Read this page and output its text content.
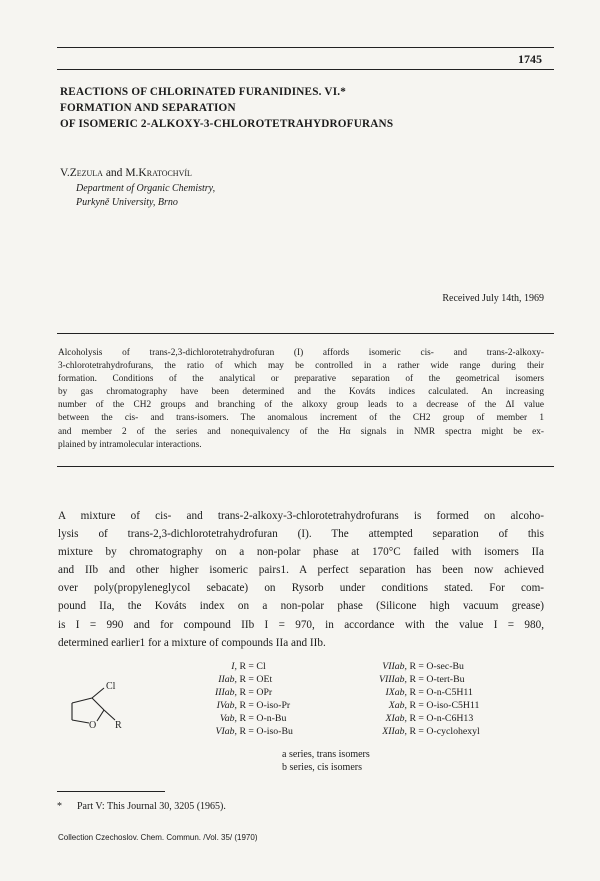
1745
REACTIONS OF CHLORINATED FURANIDINES. VI.*
FORMATION AND SEPARATION
OF ISOMERIC 2-ALKOXY-3-CHLOROTETRAHYDROFURANS
V.Zezula and M.Kratochvíl
Department of Organic Chemistry,
Purkyně University, Brno
Received July 14th, 1969
Alcoholysis of trans-2,3-dichlorotetrahydrofuran (I) affords isomeric cis- and trans-2-alkoxy-
3-chlorotetrahydrofurans, the ratio of which may be controlled in a rather wide range during their
formation. Conditions of the analytical or preparative separation of the geometrical isomers
by gas chromatography have been determined and the Kováts indices calculated. An increasing
number of the CH2 groups and branching of the alkoxy group leads to a decrease of the ΔI value
between the cis- and trans-isomers. The anomalous increment of the CH2 group of member 1
and member 2 of the series and nonequivalency of the Hα signals in NMR spectra might be ex-
plained by intramolecular interactions.
A mixture of cis- and trans-2-alkoxy-3-chlorotetrahydrofurans is formed on alcoho-
lysis of trans-2,3-dichlorotetrahydrofuran (I). The attempted separation of this
mixture by chromatography on a non-polar phase at 170°C failed with isomers IIa
and IIb and other higher isomeric pairs1. A perfect separation has been now achieved
over poly(propyleneglycol sebacate) on Rysorb under conditions stated. For com-
pound IIa, the Kováts index on a non-polar phase (Silicone high vacuum grease)
is I = 990 and for compound IIb I = 970, in accordance with the value I = 980,
determined earlier1 for a mixture of compounds IIa and IIb.
Cl
O R
I, R = Cl
IIab, R = OEt
IIIab, R = OPr
IVab, R = O-iso-Pr
Vab, R = O-n-Bu
VIab, R = O-iso-Bu
VIIab, R = O-sec-Bu
VIIIab, R = O-tert-Bu
IXab, R = O-n-C5H11
Xab, R = O-iso-C5H11
XIab, R = O-n-C6H13
XIIab, R = O-cyclohexyl
a series, trans isomers
b series, cis isomers
*      Part V: This Journal 30, 3205 (1965).
Collection Czechoslov. Chem. Commun. /Vol. 35/ (1970)
